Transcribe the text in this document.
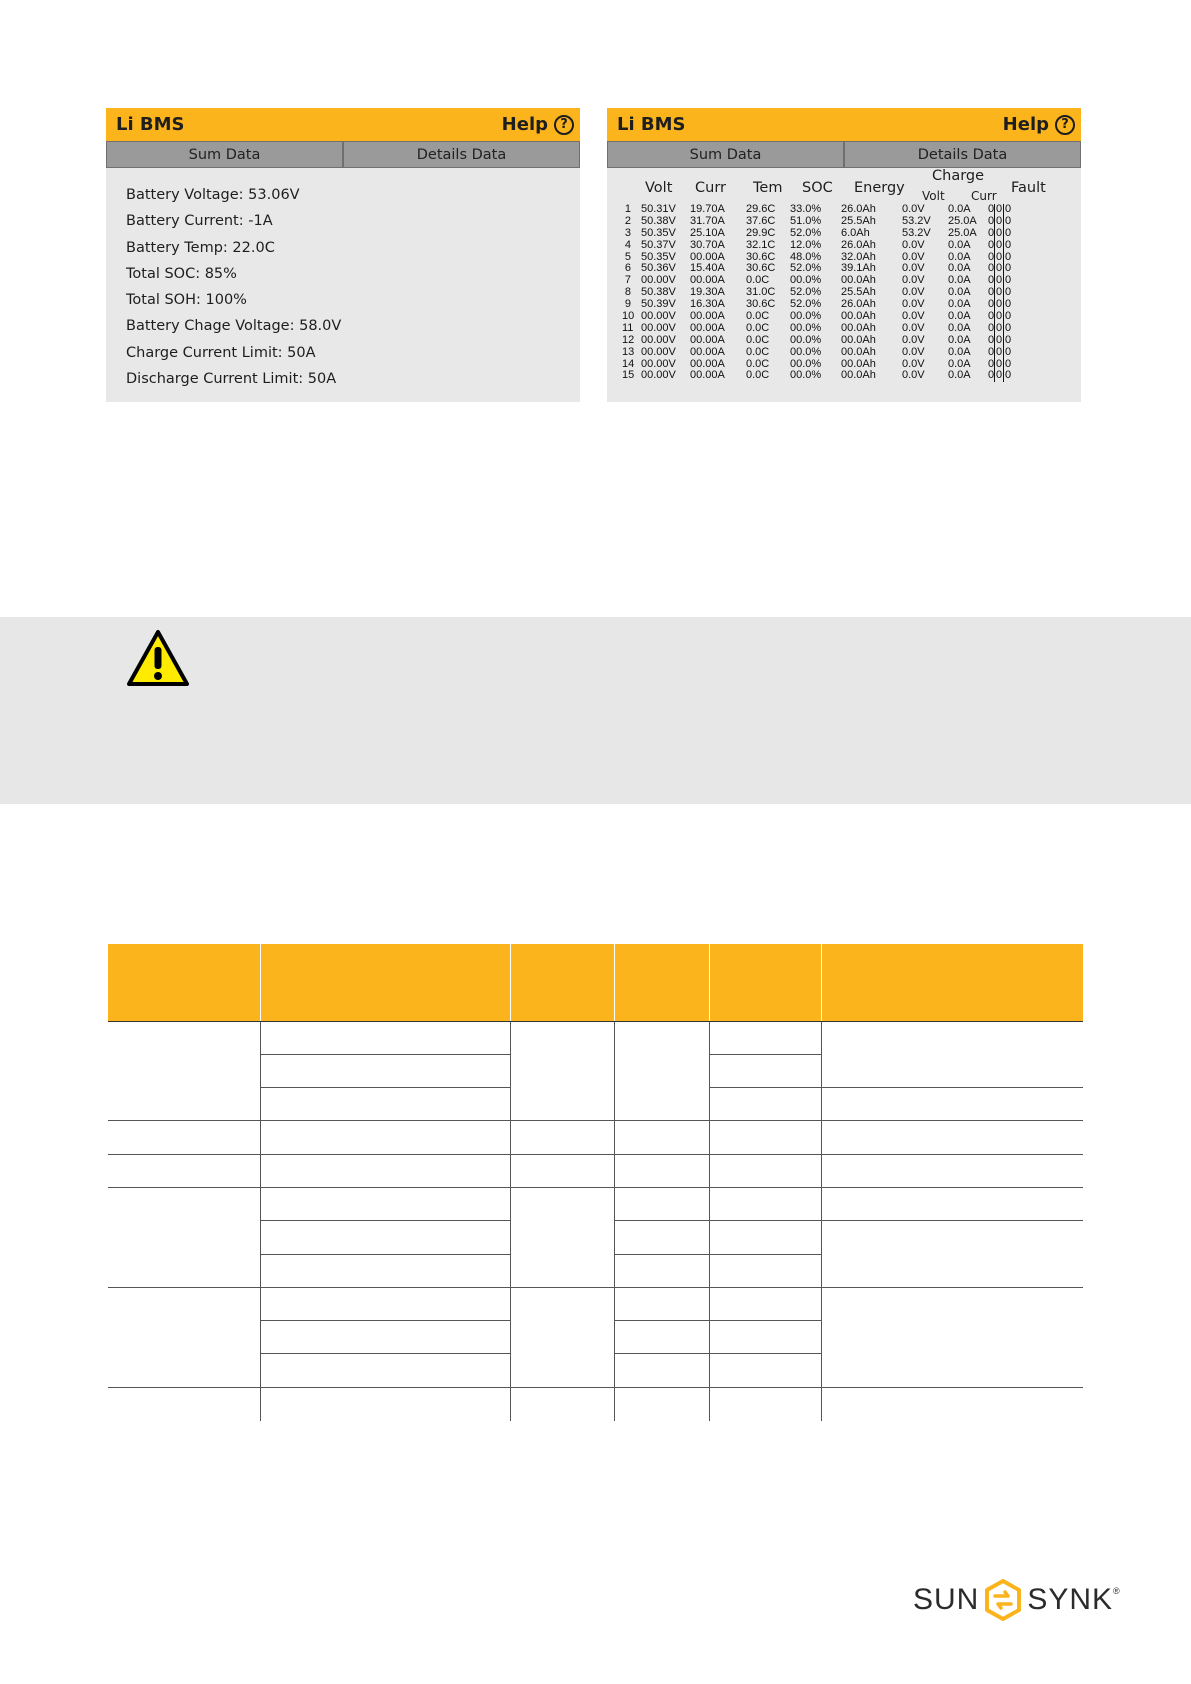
Li BMS	Help ?
Sum Data	Details Data
Battery Voltage: 53.06V
Battery Current: -1A
Battery Temp: 22.0C
Total SOC: 85%
Total SOH: 100%
Battery Chage Voltage: 58.0V
Charge Current Limit: 50A
Discharge Current Limit: 50A
Li BMS	Help ?
Sum Data	Details Data
Volt Curr Tem SOC Energy
Charge
Volt Curr Fault
1 50.31V 19.70A 29.6C 33.0% 26.0Ah 0.0V 0.0A 0 0 0
2 50.38V 31.70A 37.6C 51.0% 25.5Ah 53.2V 25.0A 0 0 0
3 50.35V 25.10A 29.9C 52.0% 6.0Ah	53.2V 25.0A 0 0 0
4 50.37V 30.70A 32.1C 12.0% 26.0Ah 0.0V 0.0A 0 0 0
5 50.35V 00.00A 30.6C 48.0% 32.0Ah 0.0V 0.0A 0 0 0
6 50.36V 15.40A 30.6C 52.0% 39.1Ah 0.0V 0.0A 0 0 0
7 00.00V 00.00A 0.0C 00.0% 00.0Ah 0.0V 0.0A 0 0 0
8 50.38V 19.30A 31.0C 52.0% 25.5Ah 0.0V 0.0A 0 0 0
9 50.39V 16.30A 30.6C 52.0% 26.0Ah 0.0V 0.0A 0 0 0
10 00.00V 00.00A 0.0C 00.0% 00.0Ah 0.0V 0.0A 0 0 0
11 00.00V 00.00A 0.0C 00.0% 00.0Ah 0.0V 0.0A 0 0 0
12 00.00V 00.00A 0.0C 00.0% 00.0Ah 0.0V 0.0A 0 0 0
13 00.00V 00.00A 0.0C 00.0% 00.0Ah 0.0V 0.0A 0 0 0
14 00.00V 00.00A 0.0C 00.0% 00.0Ah 0.0V 0.0A 0 0 0
15 00.00V 00.00A 0.0C 00.0% 00.0Ah 0.0V 0.0A 0 0 0

SUN SYNK ®
